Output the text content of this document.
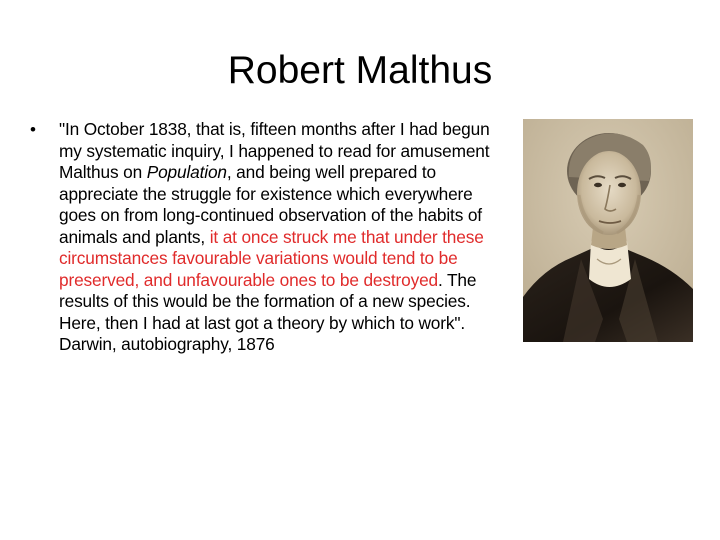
Robert Malthus
• "In October 1838, that is, fifteen months after I had begun my systematic inquiry, I happened to read for amusement Malthus on Population, and being well prepared to appreciate the struggle for existence which everywhere goes on from long-continued observation of the habits of animals and plants, it at once struck me that under these circumstances favourable variations would tend to be preserved, and unfavourable ones to be destroyed. The results of this would be the formation of a new species. Here, then I had at last got a theory by which to work". Darwin, autobiography, 1876
